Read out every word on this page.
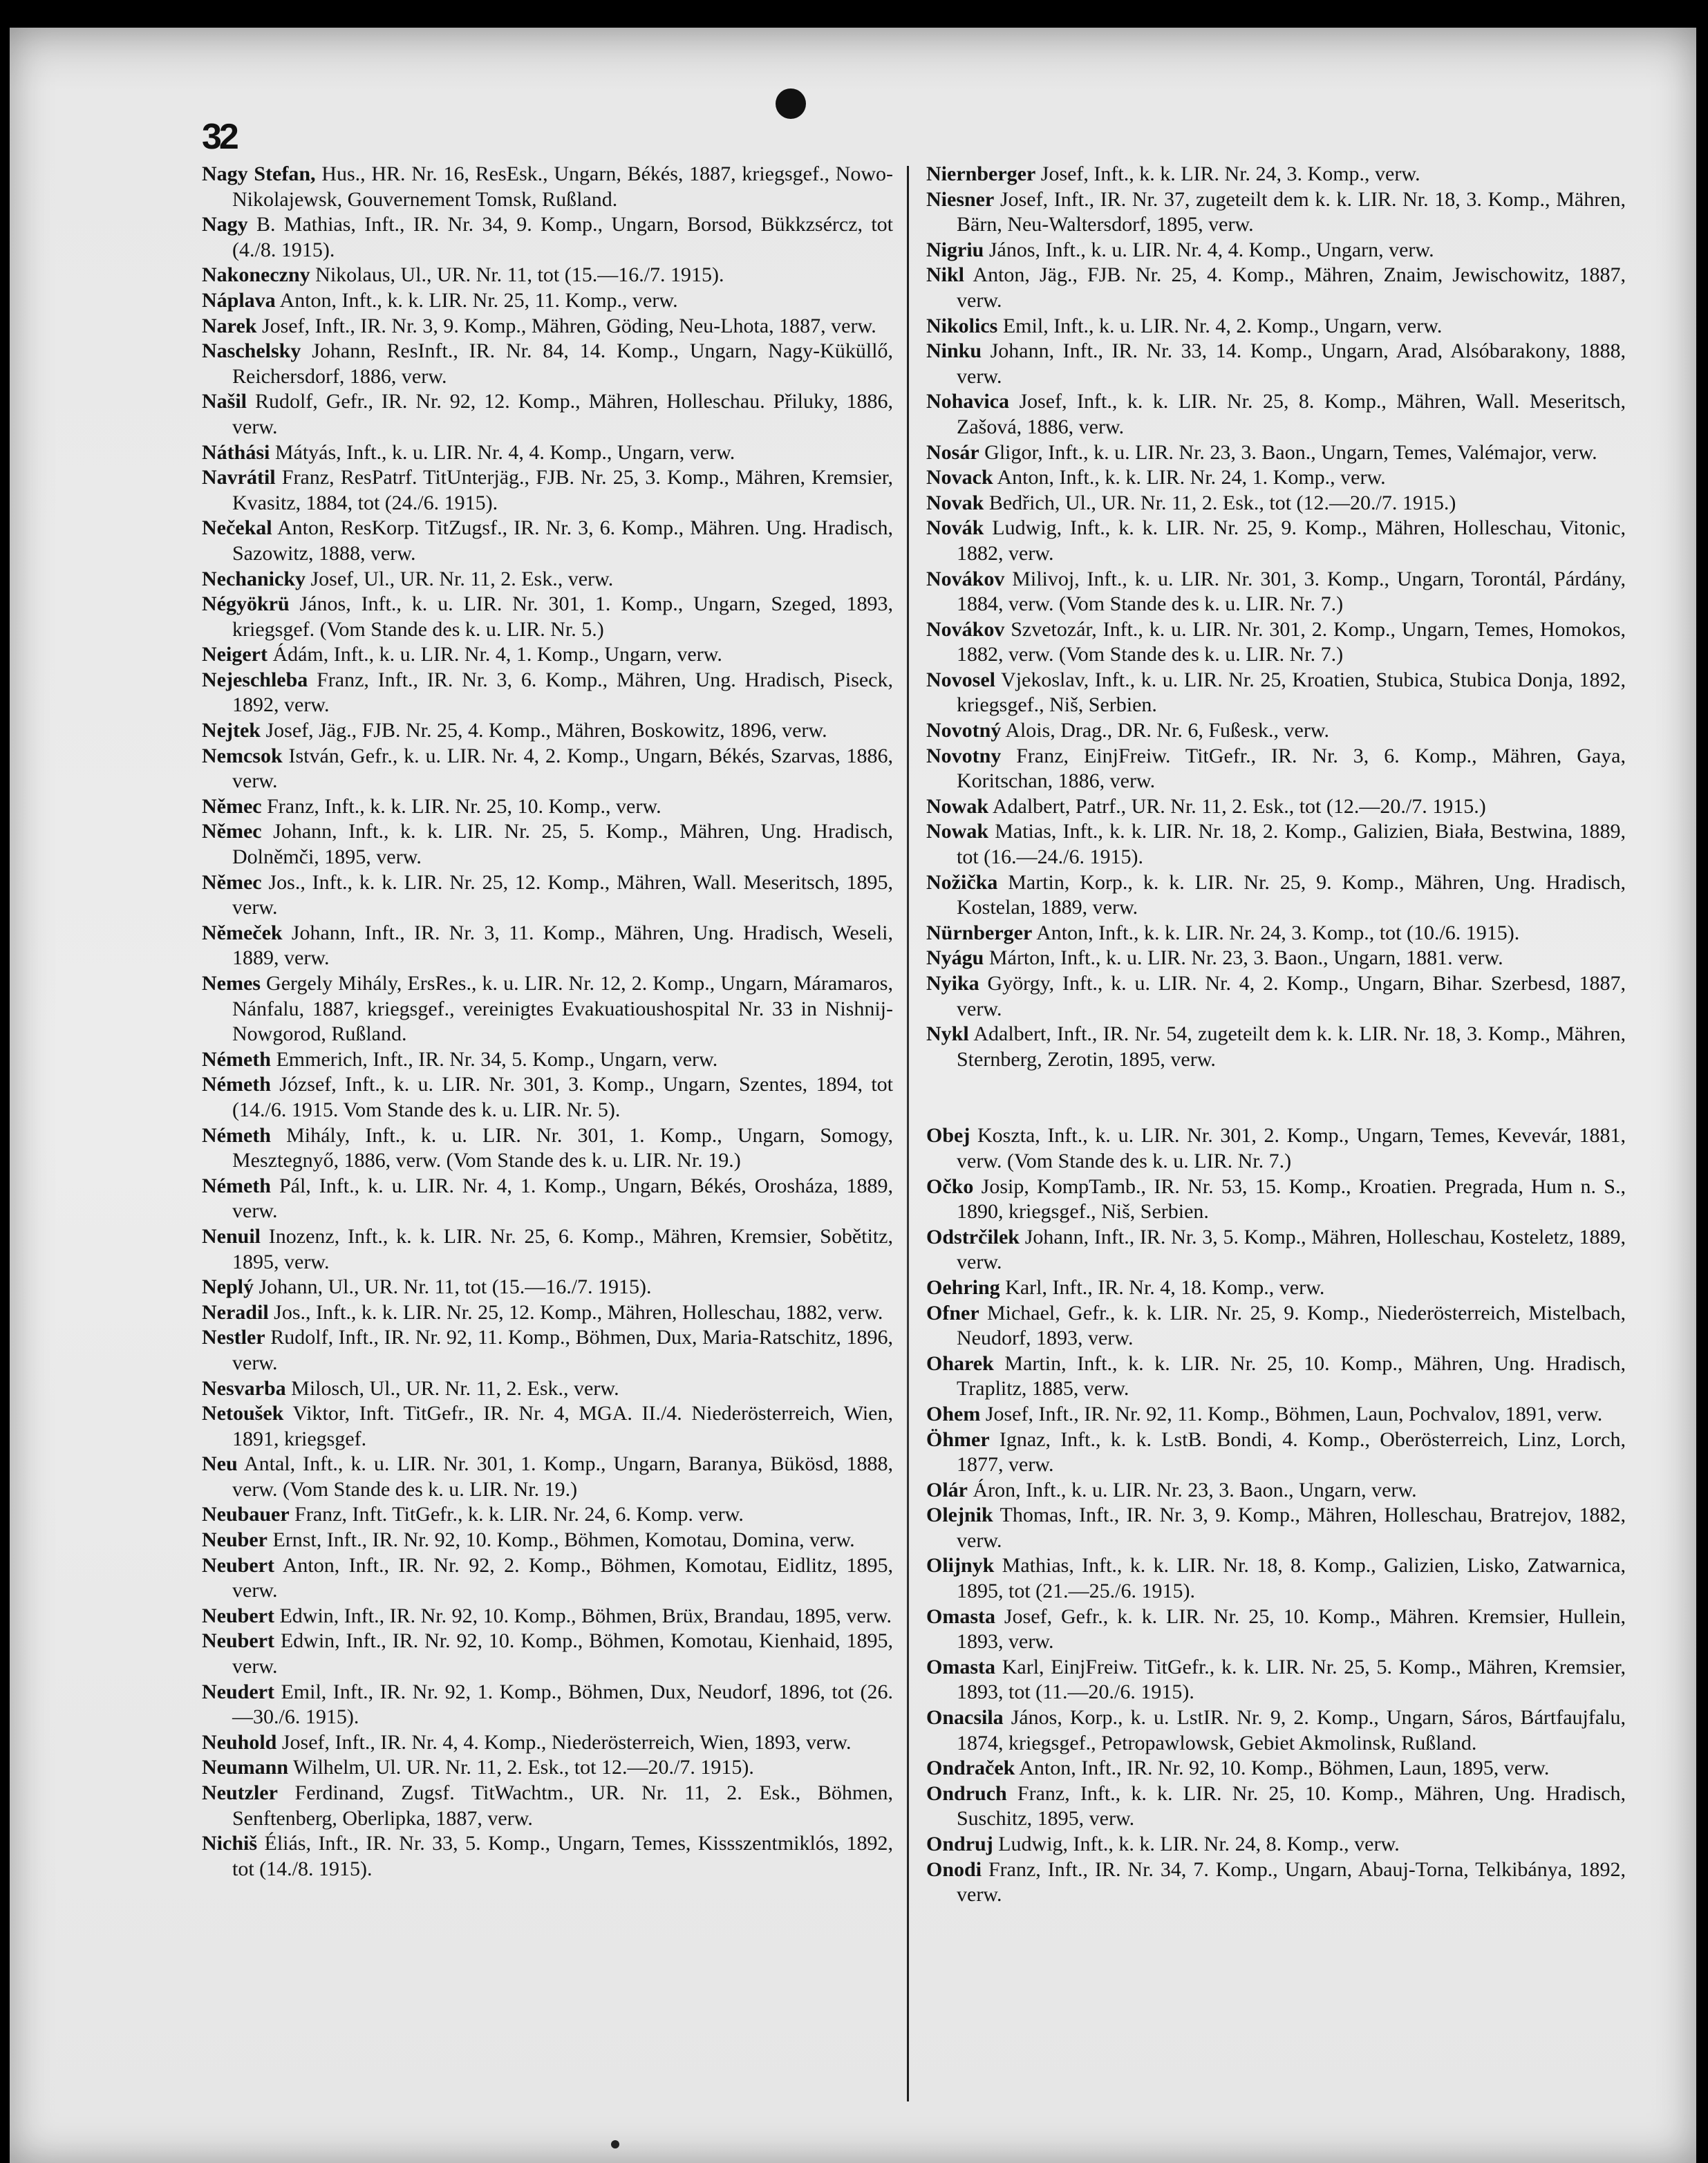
32

Nagy Stefan, Hus., HR. Nr. 16, ResEsk., Ungarn, Békés, 1887, kriegsgef., Nowo-Nikolajewsk, Gouvernement Tomsk, Rußland.

Nagy B. Mathias, Inft., IR. Nr. 34, 9. Komp., Ungarn, Borsod, Bükkzsércz, tot (4./8. 1915).

Nakoneczny Nikolaus, Ul., UR. Nr. 11, tot (15.—16./7. 1915).

Náplava Anton, Inft., k. k. LIR. Nr. 25, 11. Komp., verw.

Narek Josef, Inft., IR. Nr. 3, 9. Komp., Mähren, Göding, Neu-Lhota, 1887, verw.

Naschelsky Johann, ResInft., IR. Nr. 84, 14. Komp., Ungarn, Nagy-Küküllő, Reichersdorf, 1886, verw.

Našil Rudolf, Gefr., IR. Nr. 92, 12. Komp., Mähren, Holleschau. Přiluky, 1886, verw.

Náthási Mátyás, Inft., k. u. LIR. Nr. 4, 4. Komp., Ungarn, verw.

Navrátil Franz, ResPatrf. TitUnterjäg., FJB. Nr. 25, 3. Komp., Mähren, Kremsier, Kvasitz, 1884, tot (24./6. 1915).

Nečekal Anton, ResKorp. TitZugsf., IR. Nr. 3, 6. Komp., Mähren. Ung. Hradisch, Sazowitz, 1888, verw.

Nechanicky Josef, Ul., UR. Nr. 11, 2. Esk., verw.

Négyökrü János, Inft., k. u. LIR. Nr. 301, 1. Komp., Ungarn, Szeged, 1893, kriegsgef. (Vom Stande des k. u. LIR. Nr. 5.)

Neigert Ádám, Inft., k. u. LIR. Nr. 4, 1. Komp., Ungarn, verw.

Nejeschleba Franz, Inft., IR. Nr. 3, 6. Komp., Mähren, Ung. Hradisch, Piseck, 1892, verw.

Nejtek Josef, Jäg., FJB. Nr. 25, 4. Komp., Mähren, Boskowitz, 1896, verw.

Nemcsok István, Gefr., k. u. LIR. Nr. 4, 2. Komp., Ungarn, Békés, Szarvas, 1886, verw.

Němec Franz, Inft., k. k. LIR. Nr. 25, 10. Komp., verw.

Němec Johann, Inft., k. k. LIR. Nr. 25, 5. Komp., Mähren, Ung. Hradisch, Dolněmči, 1895, verw.

Němec Jos., Inft., k. k. LIR. Nr. 25, 12. Komp., Mähren, Wall. Meseritsch, 1895, verw.

Němeček Johann, Inft., IR. Nr. 3, 11. Komp., Mähren, Ung. Hradisch, Weseli, 1889, verw.

Nemes Gergely Mihály, ErsRes., k. u. LIR. Nr. 12, 2. Komp., Ungarn, Máramaros, Nánfalu, 1887, kriegsgef., vereinigtes Evakuatioushospital Nr. 33 in Nishnij-Nowgorod, Rußland.

Németh Emmerich, Inft., IR. Nr. 34, 5. Komp., Ungarn, verw.

Németh József, Inft., k. u. LIR. Nr. 301, 3. Komp., Ungarn, Szentes, 1894, tot (14./6. 1915. Vom Stande des k. u. LIR. Nr. 5).

Németh Mihály, Inft., k. u. LIR. Nr. 301, 1. Komp., Ungarn, Somogy, Mesztegnyő, 1886, verw. (Vom Stande des k. u. LIR. Nr. 19.)

Németh Pál, Inft., k. u. LIR. Nr. 4, 1. Komp., Ungarn, Békés, Orosháza, 1889, verw.

Nenuil Inozenz, Inft., k. k. LIR. Nr. 25, 6. Komp., Mähren, Kremsier, Sobětitz, 1895, verw.

Neplý Johann, Ul., UR. Nr. 11, tot (15.—16./7. 1915).

Neradil Jos., Inft., k. k. LIR. Nr. 25, 12. Komp., Mähren, Holleschau, 1882, verw.

Nestler Rudolf, Inft., IR. Nr. 92, 11. Komp., Böhmen, Dux, Maria-Ratschitz, 1896, verw.

Nesvarba Milosch, Ul., UR. Nr. 11, 2. Esk., verw.

Netoušek Viktor, Inft. TitGefr., IR. Nr. 4, MGA. II./4. Niederösterreich, Wien, 1891, kriegsgef.

Neu Antal, Inft., k. u. LIR. Nr. 301, 1. Komp., Ungarn, Baranya, Bükösd, 1888, verw. (Vom Stande des k. u. LIR. Nr. 19.)

Neubauer Franz, Inft. TitGefr., k. k. LIR. Nr. 24, 6. Komp. verw.

Neuber Ernst, Inft., IR. Nr. 92, 10. Komp., Böhmen, Komotau, Domina, verw.

Neubert Anton, Inft., IR. Nr. 92, 2. Komp., Böhmen, Komotau, Eidlitz, 1895, verw.

Neubert Edwin, Inft., IR. Nr. 92, 10. Komp., Böhmen, Brüx, Brandau, 1895, verw.

Neubert Edwin, Inft., IR. Nr. 92, 10. Komp., Böhmen, Komotau, Kienhaid, 1895, verw.

Neudert Emil, Inft., IR. Nr. 92, 1. Komp., Böhmen, Dux, Neudorf, 1896, tot (26.—30./6. 1915).

Neuhold Josef, Inft., IR. Nr. 4, 4. Komp., Niederösterreich, Wien, 1893, verw.

Neumann Wilhelm, Ul. UR. Nr. 11, 2. Esk., tot 12.—20./7. 1915).

Neutzler Ferdinand, Zugsf. TitWachtm., UR. Nr. 11, 2. Esk., Böhmen, Senftenberg, Oberlipka, 1887, verw.

Nichiš Éliás, Inft., IR. Nr. 33, 5. Komp., Ungarn, Temes, Kissszentmiklós, 1892, tot (14./8. 1915).

Niernberger Josef, Inft., k. k. LIR. Nr. 24, 3. Komp., verw.

Niesner Josef, Inft., IR. Nr. 37, zugeteilt dem k. k. LIR. Nr. 18, 3. Komp., Mähren, Bärn, Neu-Waltersdorf, 1895, verw.

Nigriu János, Inft., k. u. LIR. Nr. 4, 4. Komp., Ungarn, verw.

Nikl Anton, Jäg., FJB. Nr. 25, 4. Komp., Mähren, Znaim, Jewischowitz, 1887, verw.

Nikolics Emil, Inft., k. u. LIR. Nr. 4, 2. Komp., Ungarn, verw.

Ninku Johann, Inft., IR. Nr. 33, 14. Komp., Ungarn, Arad, Alsóbarakony, 1888, verw.

Nohavica Josef, Inft., k. k. LIR. Nr. 25, 8. Komp., Mähren, Wall. Meseritsch, Zašová, 1886, verw.

Nosár Gligor, Inft., k. u. LIR. Nr. 23, 3. Baon., Ungarn, Temes, Valémajor, verw.

Novack Anton, Inft., k. k. LIR. Nr. 24, 1. Komp., verw.

Novak Bedřich, Ul., UR. Nr. 11, 2. Esk., tot (12.—20./7. 1915.)

Novák Ludwig, Inft., k. k. LIR. Nr. 25, 9. Komp., Mähren, Holleschau, Vitonic, 1882, verw.

Novákov Milivoj, Inft., k. u. LIR. Nr. 301, 3. Komp., Ungarn, Torontál, Párdány, 1884, verw. (Vom Stande des k. u. LIR. Nr. 7.)

Novákov Szvetozár, Inft., k. u. LIR. Nr. 301, 2. Komp., Ungarn, Temes, Homokos, 1882, verw. (Vom Stande des k. u. LIR. Nr. 7.)

Novosel Vjekoslav, Inft., k. u. LIR. Nr. 25, Kroatien, Stubica, Stubica Donja, 1892, kriegsgef., Niš, Serbien.

Novotný Alois, Drag., DR. Nr. 6, Fußesk., verw.

Novotny Franz, EinjFreiw. TitGefr., IR. Nr. 3, 6. Komp., Mähren, Gaya, Koritschan, 1886, verw.

Nowak Adalbert, Patrf., UR. Nr. 11, 2. Esk., tot (12.—20./7. 1915.)

Nowak Matias, Inft., k. k. LIR. Nr. 18, 2. Komp., Galizien, Biała, Bestwina, 1889, tot (16.—24./6. 1915).

Nožička Martin, Korp., k. k. LIR. Nr. 25, 9. Komp., Mähren, Ung. Hradisch, Kostelan, 1889, verw.

Nürnberger Anton, Inft., k. k. LIR. Nr. 24, 3. Komp., tot (10./6. 1915).

Nyágu Márton, Inft., k. u. LIR. Nr. 23, 3. Baon., Ungarn, 1881. verw.

Nyika György, Inft., k. u. LIR. Nr. 4, 2. Komp., Ungarn, Bihar. Szerbesd, 1887, verw.

Nykl Adalbert, Inft., IR. Nr. 54, zugeteilt dem k. k. LIR. Nr. 18, 3. Komp., Mähren, Sternberg, Zerotin, 1895, verw.

Obej Koszta, Inft., k. u. LIR. Nr. 301, 2. Komp., Ungarn, Temes, Kevevár, 1881, verw. (Vom Stande des k. u. LIR. Nr. 7.)

Očko Josip, KompTamb., IR. Nr. 53, 15. Komp., Kroatien. Pregrada, Hum n. S., 1890, kriegsgef., Niš, Serbien.

Odstrčilek Johann, Inft., IR. Nr. 3, 5. Komp., Mähren, Holleschau, Kosteletz, 1889, verw.

Oehring Karl, Inft., IR. Nr. 4, 18. Komp., verw.

Ofner Michael, Gefr., k. k. LIR. Nr. 25, 9. Komp., Niederösterreich, Mistelbach, Neudorf, 1893, verw.

Oharek Martin, Inft., k. k. LIR. Nr. 25, 10. Komp., Mähren, Ung. Hradisch, Traplitz, 1885, verw.

Ohem Josef, Inft., IR. Nr. 92, 11. Komp., Böhmen, Laun, Pochvalov, 1891, verw.

Öhmer Ignaz, Inft., k. k. LstB. Bondi, 4. Komp., Oberösterreich, Linz, Lorch, 1877, verw.

Olár Áron, Inft., k. u. LIR. Nr. 23, 3. Baon., Ungarn, verw.

Olejnik Thomas, Inft., IR. Nr. 3, 9. Komp., Mähren, Holleschau, Bratrejov, 1882, verw.

Olijnyk Mathias, Inft., k. k. LIR. Nr. 18, 8. Komp., Galizien, Lisko, Zatwarnica, 1895, tot (21.—25./6. 1915).

Omasta Josef, Gefr., k. k. LIR. Nr. 25, 10. Komp., Mähren. Kremsier, Hullein, 1893, verw.

Omasta Karl, EinjFreiw. TitGefr., k. k. LIR. Nr. 25, 5. Komp., Mähren, Kremsier, 1893, tot (11.—20./6. 1915).

Onacsila János, Korp., k. u. LstIR. Nr. 9, 2. Komp., Ungarn, Sáros, Bártfaujfalu, 1874, kriegsgef., Petropawlowsk, Gebiet Akmolinsk, Rußland.

Ondraček Anton, Inft., IR. Nr. 92, 10. Komp., Böhmen, Laun, 1895, verw.

Ondruch Franz, Inft., k. k. LIR. Nr. 25, 10. Komp., Mähren, Ung. Hradisch, Suschitz, 1895, verw.

Ondruj Ludwig, Inft., k. k. LIR. Nr. 24, 8. Komp., verw.

Onodi Franz, Inft., IR. Nr. 34, 7. Komp., Ungarn, Abauj-Torna, Telkibánya, 1892, verw.
